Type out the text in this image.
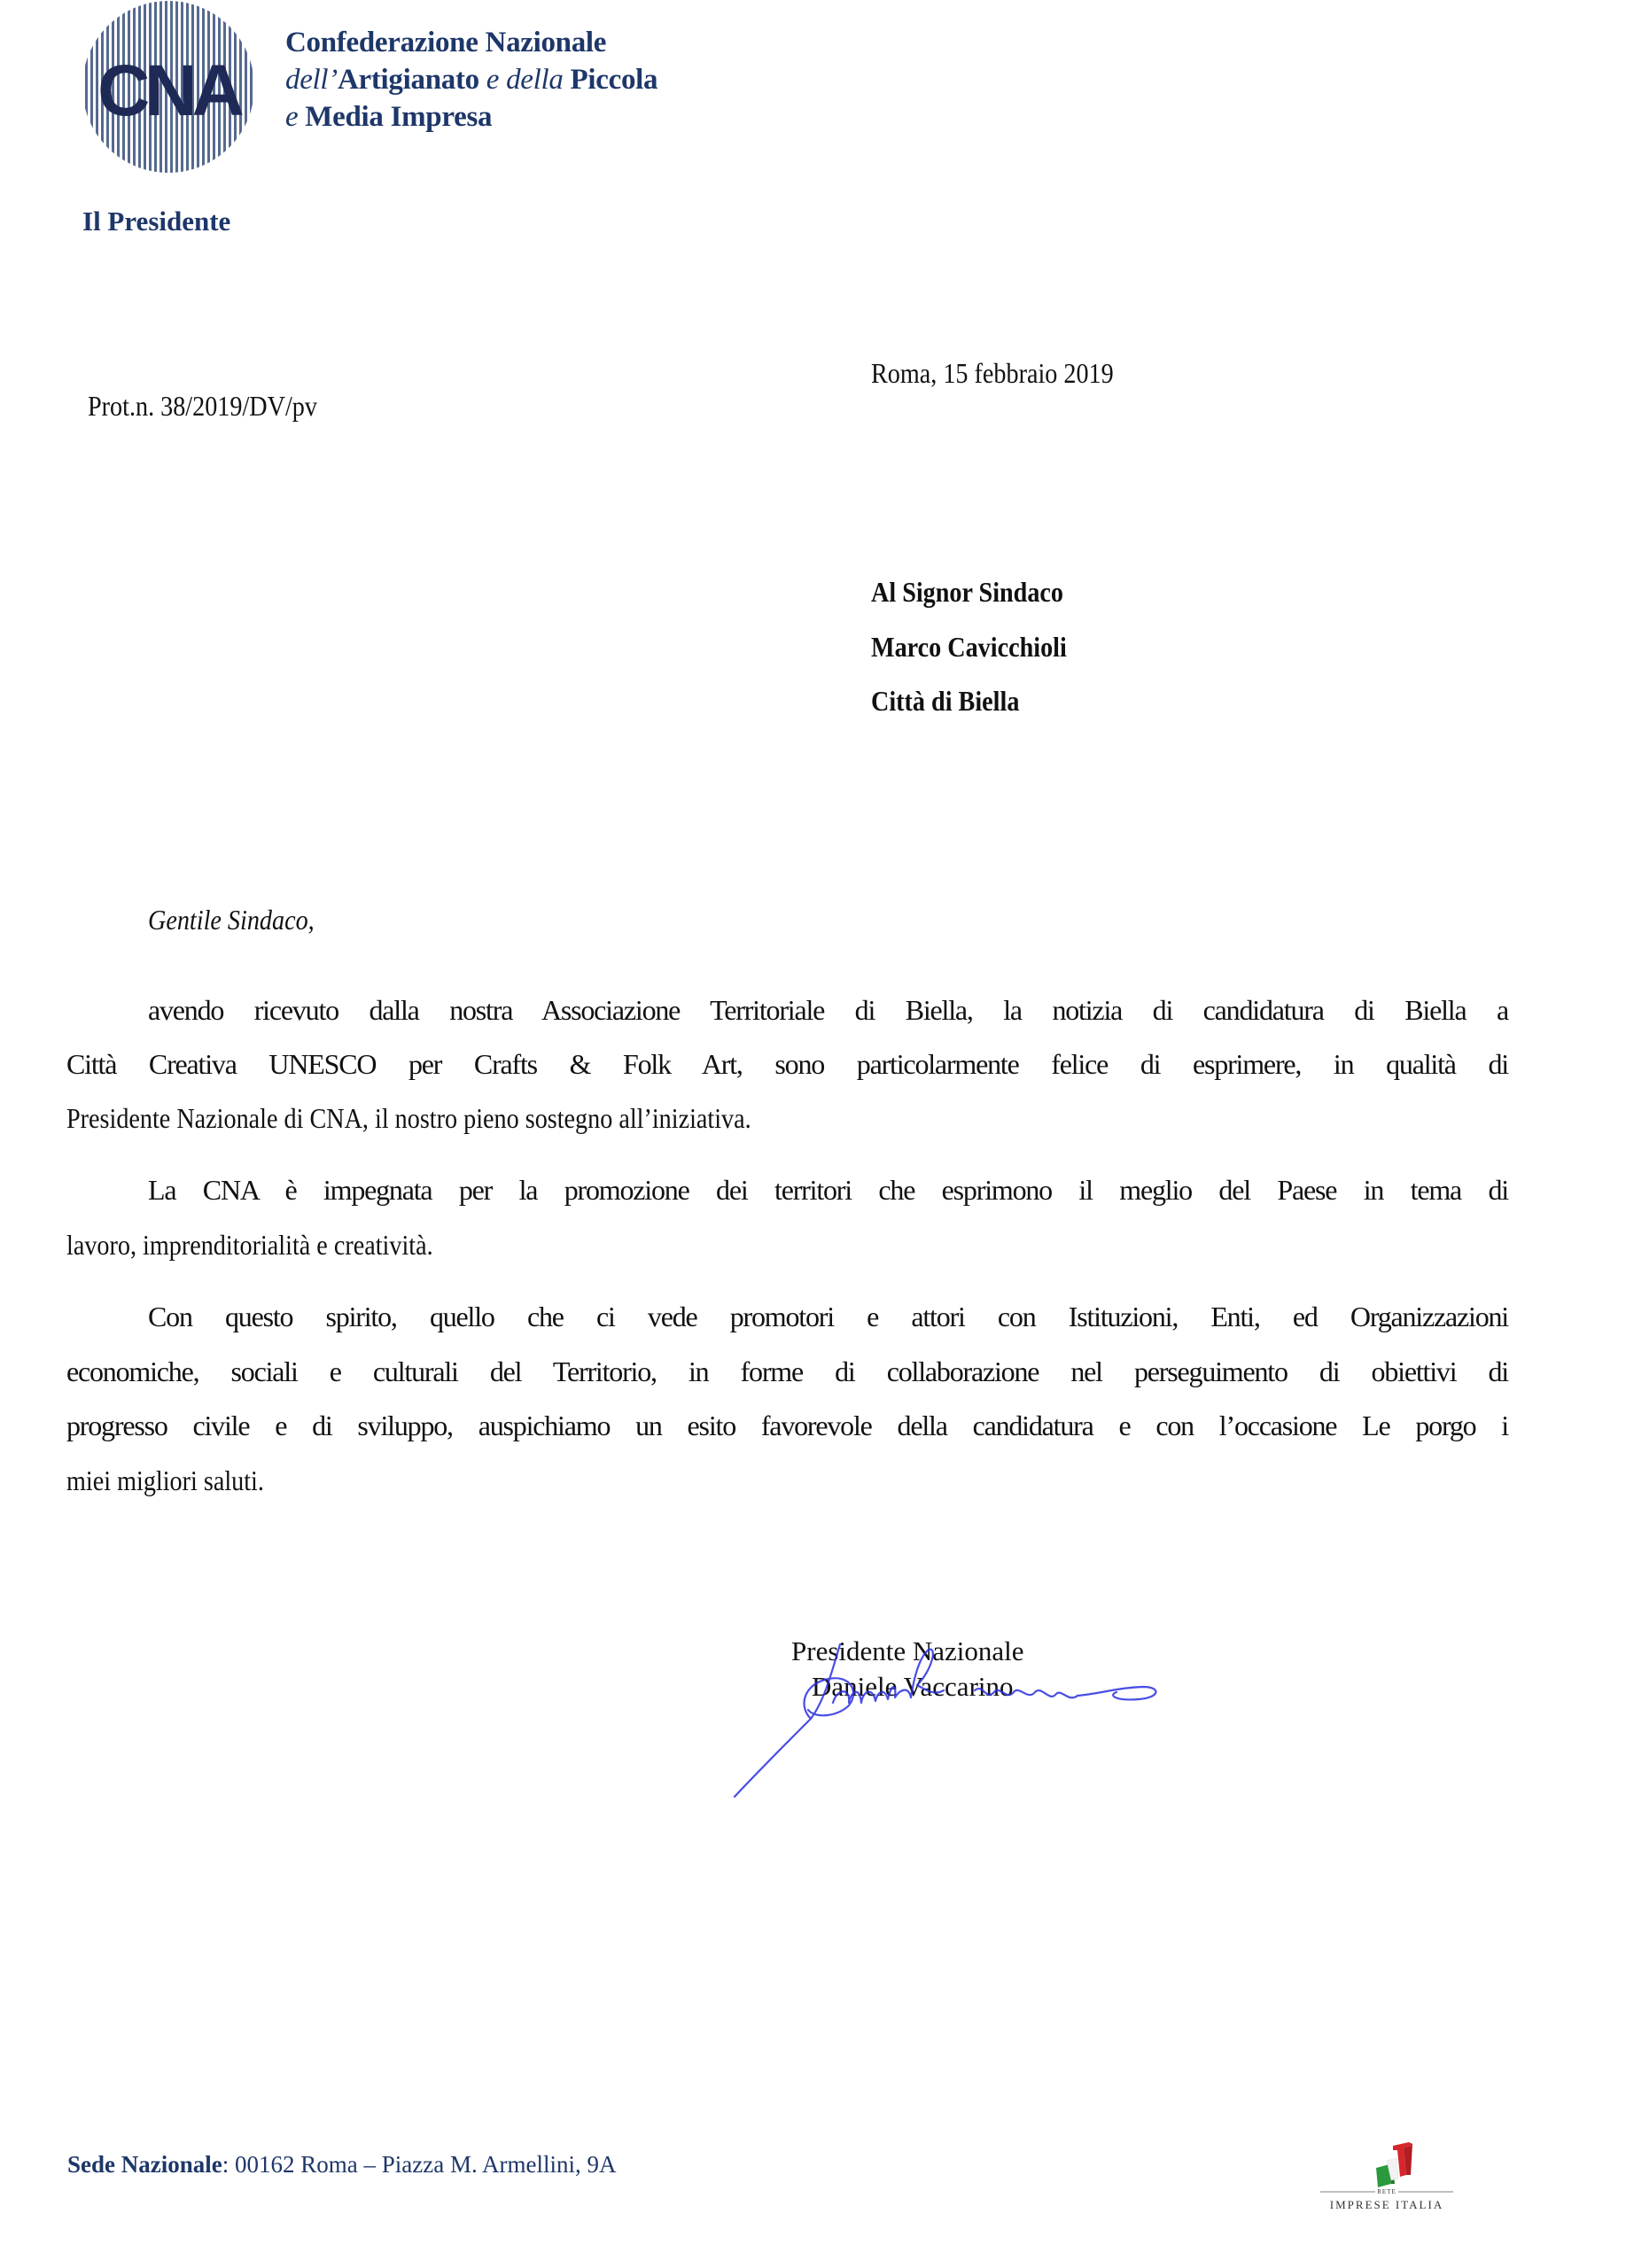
CNA
Confederazione Nazionale
dell’Artigianato e della Piccola
e Media Impresa
Il Presidente
Prot.n. 38/2019/DV/pv
Roma, 15 febbraio 2019
Al Signor Sindaco
Marco Cavicchioli
Città di Biella
Gentile Sindaco,
avendo ricevuto dalla nostra Associazione Territoriale di Biella, la notizia di candidatura di Biella a
Città Creativa UNESCO per Crafts & Folk Art, sono particolarmente felice di esprimere, in qualità di
Presidente Nazionale di CNA, il nostro pieno sostegno all’iniziativa.
La CNA è impegnata per la promozione dei territori che esprimono il meglio del Paese in tema di
lavoro, imprenditorialità e creatività.
Con questo spirito, quello che ci vede promotori e attori con Istituzioni, Enti, ed Organizzazioni
economiche, sociali e culturali del Territorio, in forme di collaborazione nel perseguimento di obiettivi di
progresso civile e di sviluppo, auspichiamo un esito favorevole della candidatura e con l’occasione Le porgo i
miei migliori saluti.
Presidente Nazionale
Daniele Vaccarino
Sede Nazionale: 00162 Roma – Piazza M. Armellini, 9A
RETE
IMPRESE ITALIA
